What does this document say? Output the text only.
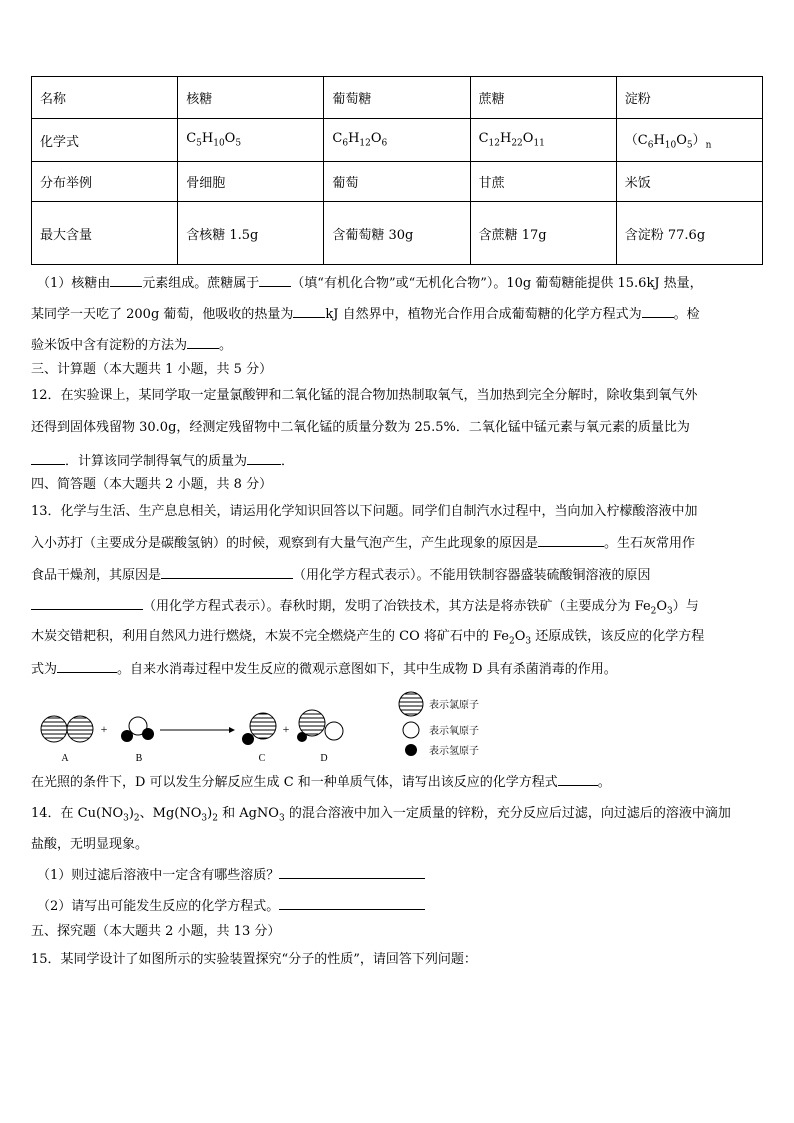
名称	核糖	葡萄糖	蔗糖	淀粉
化学式	$C_5H_{10}O_5$	$C_6H_{12}O_6$	$C_{12}H_{22}O_{11}$	$(C_6H_{10}O_5)_n$
分布举例	骨细胞	葡萄	甘蔗	米饭
最大含量	含核糖 1.5g	含葡萄糖 30g	含蔗糖 17g	含淀粉 77.6g
（1）核糖由 元素组成。蔗糖属于 （填“有机化合物”或“无机化合物”）。10g 葡萄糖能提供 15.6kJ 热量，
某同学一天吃了 200g 葡萄，他吸收的热量为 kJ 自然界中，植物光合作用合成葡萄糖的化学方程式为 。检
验米饭中含有淀粉的方法为 。
三、计算题（本大题共 1 小题，共 5 分）
12．在实验课上，某同学取一定量氯酸钾和二氧化锰的混合物加热制取氧气，当加热到完全分解时，除收集到氧气外
还得到固体残留物 30.0g，经测定残留物中二氧化锰的质量分数为 25.5%．二氧化锰中锰元素与氧元素的质量比为
．计算该同学制得氧气的质量为	．
四、简答题（本大题共 2 小题，共 8 分）
13．化学与生活、生产息息相关，请运用化学知识回答以下问题。同学们自制汽水过程中，当向加入柠檬酸溶液中加
入小苏打（主要成分是碳酸氢钠）的时候，观察到有大量气泡产生，产生此现象的原因是	。生石灰常用作
食品干燥剂，其原因是	（用化学方程式表示）。不能用铁制容器盛装硫酸铜溶液的原因
（用化学方程式表示）。春秋时期，发明了冶铁技术，其方法是将赤铁矿（主要成分为 $Fe_2O_3$）与
木炭交错耙积，利用自然风力进行燃烧，木炭不完全燃烧产生的 CO 将矿石中的 $Fe_2O_3$ 还原成铁，该反应的化学方程
式为	。自来水消毒过程中发生反应的微观示意图如下，其中生成物 D 具有杀菌消毒的作用。
A
+
B	C
+
D
表示氯原子
表示氧原子
表示氢原子
在光照的条件下，D 可以发生分解反应生成 C 和一种单质气体，请写出该反应的化学方程式	。
14．在 $Cu(NO_3)_2$、$Mg(NO_3)_2$ 和 AgNO$_3$ 的混合溶液中加入一定质量的锌粉，充分反应后过滤，向过滤后的溶液中滴加
盐酸，无明显现象。
（1）则过滤后溶液中一定含有哪些溶质？
（2）请写出可能发生反应的化学方程式。
五、探究题（本大题共 2 小题，共 13 分）
15．某同学设计了如图所示的实验装置探究“分子的性质”，请回答下列问题：
